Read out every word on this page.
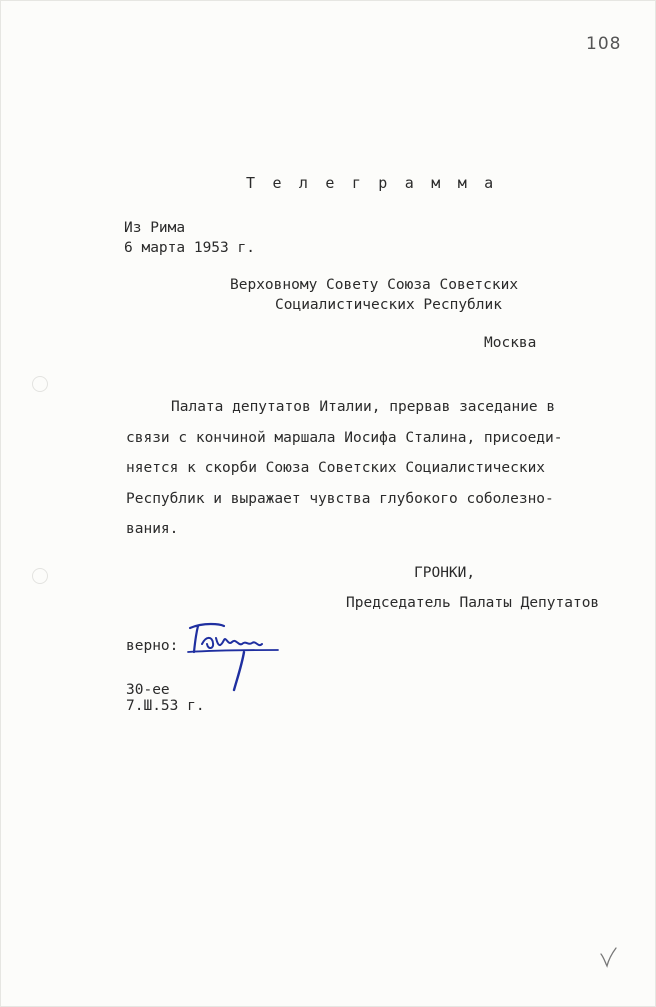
108
Т е л е г р а м м а
Из Рима
6 марта 1953 г.
Верховному Совету Союза Советских
Социалистических Республик
Москва
Палата депутатов Италии, прервав заседание в
связи с кончиной маршала Иосифа Сталина, присоеди-
няется к скорби Союза Советских Социалистических
Республик и выражает чувства глубокого соболезно-
вания.
ГРОНКИ,
Председатель Палаты Депутатов
верно:
30-ее
7.Ш.53 г.
